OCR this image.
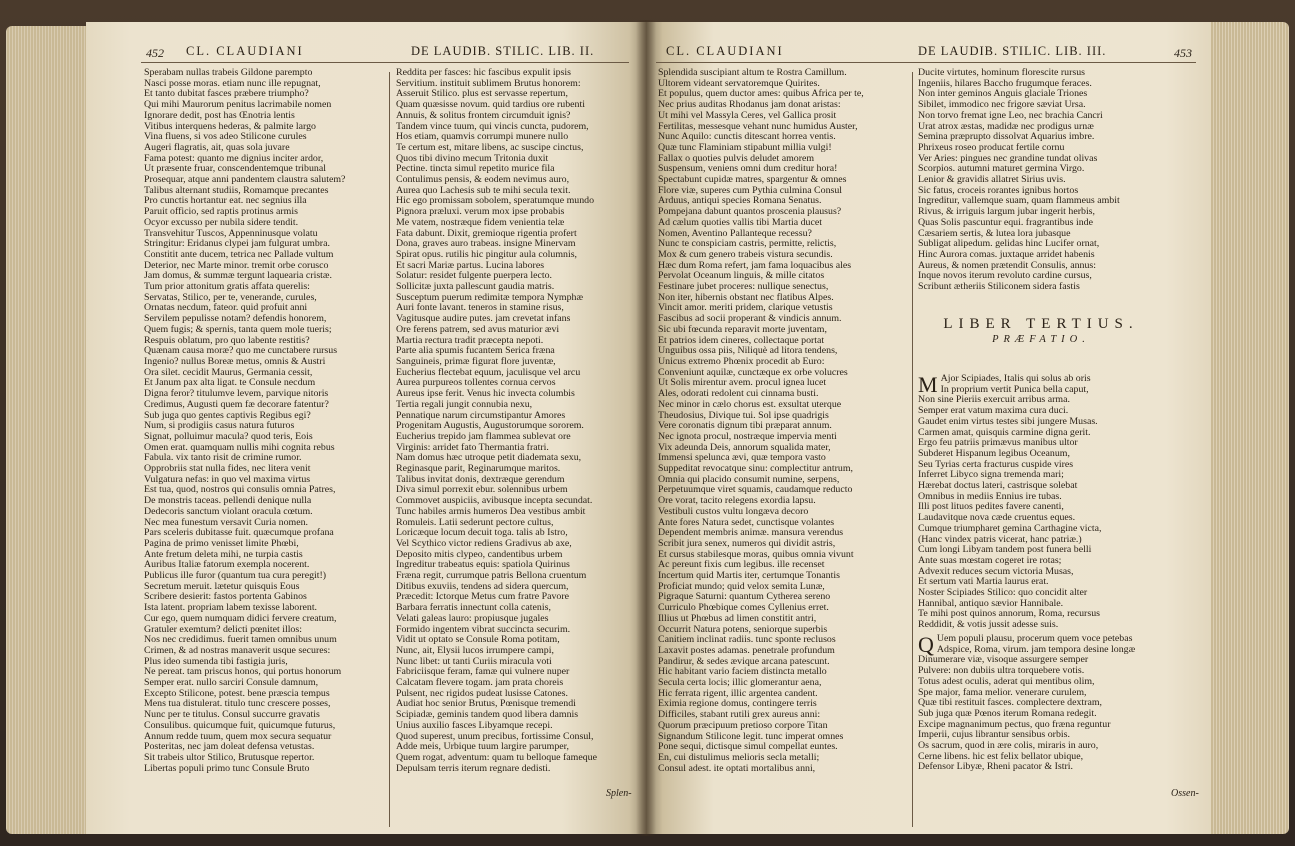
452 CL. CLAUDIANI	DE LAUDIB. STILIC. LIB. II.
Sperabam nullas trabeis Gildone parempto
Nasci posse moras. etiam nunc ille repugnat,
Et tanto dubitat fasces præbere triumpho?
Qui mihi Maurorum penitus lacrimabile nomen
Ignorare dedit, post has Œnotria lentis
Vitibus interquens hederas, & palmite largo
Vina fluens, si vos adeo Stilicone curules
Augeri flagratis, ait, quas sola juvare
Fama potest: quanto me dignius inciter ardor,
Ut præsente fruar, conscendentemque tribunal
Prosequar, atque anni pandentem claustra salutem?
Talibus alternant studiis, Romamque precantes
Pro cunctis hortantur eat. nec segnius illa
Paruit officio, sed raptis protinus armis
Ocyor excusso per nubila sidere tendit.
Transvehitur Tuscos, Appenninusque volatu
Stringitur: Eridanus clypei jam fulgurat umbra.
Constitit ante ducem, tetrica nec Pallade vultum
Deterior, nec Marte minor. tremit orbe corusco
Jam domus, & summæ tergunt laquearia cristæ.
Tum prior attonitum gratis affata querelis:
Servatas, Stilico, per te, venerande, curules,
Ornatas necdum, fateor. quid profuit anni
Servilem pepulisse notam? defendis honorem,
Quem fugis; & spernis, tanta quem mole tueris;
Respuis oblatum, pro quo labente restitis?
Quænam causa moræ? quo me cunctabere rursus
Ingenio? nullus Boreæ metus, omnis & Austri
Ora silet. cecidit Maurus, Germania cessit,
Et Janum pax alta ligat. te Consule necdum
Digna feror? titulumve levem, parvique nitoris
Credimus, Augusti quem fæ decorare fatentur?
Sub juga quo gentes captivis Regibus egi?
Num, si prodigiis casus natura futuros
Signat, polluimur macula? quod teris, Eois
Omen erat. quamquam nullis mihi cognita rebus
Fabula. vix tanto risit de crimine rumor.
Opprobriis stat nulla fides, nec litera venit
Vulgatura nefas: in quo vel maxima virtus
Est tua, quod, nostros qui consulis omnia Patres,
De monstris taceas. pellendi denique nulla
Dedecoris sanctum violant oracula cœtum.
Nec mea funestum versavit Curia nomen.
Pars sceleris dubitasse fuit. quæcumque profana
Pagina de primo venisset limite Phœbi,
Ante fretum deleta mihi, ne turpia castis
Auribus Italiæ fatorum exempla nocerent.
Publicus ille furor (quantum tua cura peregit!)
Secretum meruit. lætetur quisquis Eous
Scribere desierit: fastos portenta Gabinos
Ista latent. propriam labem texisse laborent.
Cur ego, quem numquam didici fervere creatum,
Gratuler exemtum? delicti pœnitet illos:
Nos nec credidimus. fuerit tamen omnibus unum
Crimen, & ad nostras manaverit usque secures:
Plus ideo sumenda tibi fastigia juris,
Ne pereat. tam priscus honos, qui portus honorum
Semper erat. nullo sarciri Consule damnum,
Excepto Stilicone, potest. bene præscia tempus
Mens tua distulerat. titulo tunc crescere posses,
Nunc per te titulus. Consul succurre gravatis
Consulibus. quicumque fuit, quicumque futurus,
Annum redde tuum, quem mox secura sequatur
Posteritas, nec jam doleat defensa vetustas.
Sit trabeis ultor Stilico, Brutusque repertor.
Libertas populi primo tunc Consule Bruto
Reddita per fasces: hic fascibus expulit ipsis
Servitium. instituit sublimem Brutus honorem:
Asseruit Stilico. plus est servasse repertum,
Quam quæsisse novum. quid tardius ore rubenti
Annuis, & solitus frontem circumduit ignis?
Tandem vince tuum, qui vincis cuncta, pudorem,
Hos etiam, quamvis corrumpi munere nullo
Te certum est, mitare libens, ac suscipe cinctus,
Quos tibi divino mecum Tritonia duxit
Pectine. tincta simul repetito murice fila
Contulimus pensis, & eodem nevimus auro,
Aurea quo Lachesis sub te mihi secula texit.
Hic ego promissam sobolem, speratumque mundo
Pignora præluxi. verum mox ipse probabis
Me vatem, nostræque fidem venientia telæ
Fata dabunt. Dixit, gremioque rigentia profert
Dona, graves auro trabeas. insigne Minervam
Spirat opus. rutilis hic pingitur aula columnis,
Et sacri Mariæ partus. Lucina labores
Solatur: residet fulgente puerpera lecto.
Sollicitæ juxta pallescunt gaudia matris.
Susceptum puerum redimitæ tempora Nymphæ
Auri fonte lavant. teneros in stamine risus,
Vagitusque audire putes. jam crevetat infans
Ore ferens patrem, sed avus maturior ævi
Martia rectura tradit præcepta nepoti.
Parte alia spumis fucantem Serica fræna
Sanguineis, primæ figurat flore juventæ,
Eucherius flectebat equum, jaculisque vel arcu
Aurea purpureos tollentes cornua cervos
Aureus ipse ferit. Venus hic invecta columbis
Tertia regali jungit connubia nexu,
Pennatique narum circumstipantur Amores
Progenitam Augustis, Augustorumque sororem.
Eucherius trepido jam flammea sublevat ore
Virginis: arridet fato Thermantia fratri.
Nam domus hæc utroque petit diademata sexu,
Reginasque parit, Reginarumque maritos.
Talibus invitat donis, dextræque gerendum
Diva simul porrexit ebur. solennibus urbem
Commovet auspiciis, avibusque incepta secundat.
Tunc habiles armis humeros Dea vestibus ambit
Romuleis. Latii sederunt pectore cultus,
Loricæque locum decuit toga. talis ab Istro,
Vel Scythico victor rediens Gradivus ab axe,
Deposito mitis clypeo, candentibus urbem
Ingreditur trabeatus equis: spatiola Quirinus
Fræna regit, currumque patris Bellona cruentum
Ditibus exuviis, tendens ad sidera quercum,
Præcedit: Ictorque Metus cum fratre Pavore
Barbara ferratis innectunt colla catenis,
Velati galeas lauro: propiusque jugales
Formido ingentem vibrat succincta securim.
Vidit ut optato se Consule Roma potitam,
Nunc, ait, Elysii lucos irrumpere campi,
Nunc libet: ut tanti Curiis miracula voti
Fabriciisque feram, famæ qui vulnere nuper
Calcatam flevere togam. jam prata choreis
Pulsent, nec rigidos pudeat lusisse Catones.
Audiat hoc senior Brutus, Pœnisque tremendi
Scipiadæ, geminis tandem quod libera damnis
Unius auxilio fasces Libyamque recepi.
Quod superest, unum precibus, fortissime Consul,
Adde meis, Urbique tuum largire parumper,
Quem rogat, adventum: quam tu belloque fameque
Depulsam terris iterum regnare dedisti.
Splen-
CL. CLAUDIANI	DE LAUDIB. STILIC. LIB. III.	453
Splendida suscipiant altum te Rostra Camillum.
Ultorem videant servatoremque Quirites.
Et populus, quem ductor ames: quibus Africa per te,
Nec prius auditas Rhodanus jam donat aristas:
Ut mihi vel Massyla Ceres, vel Gallica prosit
Fertilitas, messesque vehant nunc humidus Auster,
Nunc Aquilo: cunctis ditescant horrea ventis.
Quæ tunc Flaminiam stipabunt millia vulgi!
Fallax o quoties pulvis deludet amorem
Suspensum, veniens omni dum creditur hora!
Spectabunt cupidæ matres, spargentur & omnes
Flore viæ, superes cum Pythia culmina Consul
Arduus, antiqui species Romana Senatus.
Pompejana dabunt quantos proscenia plausus?
Ad cælum quoties vallis tibi Martia ducet
Nomen, Aventino Pallanteque recessu?
Nunc te conspiciam castris, permitte, relictis,
Mox & cum genero trabeis vistura secundis.
Hæc dum Roma refert, jam fama loquacibus ales
Pervolat Oceanum linguis, & mille citatos
Festinare jubet proceres: nullique senectus,
Non iter, hibernis obstant nec flatibus Alpes.
Vincit amor. meriti pridem, clarique vetustis
Fascibus ad socii properant & vindicis annum.
Sic ubi fœcunda reparavit morte juventam,
Et patrios idem cineres, collectaque portat
Unguibus ossa piis, Niliquè ad litora tendens,
Unicus extremo Phœnix procedit ab Euro:
Conveniunt aquilæ, cunctæque ex orbe volucres
Ut Solis mirentur avem. procul ignea lucet
Ales, odorati redolent cui cinnama busti.
Nec minor in cælo chorus est. exsultat uterque
Theudosius, Divique tui. Sol ipse quadrigis
Vere coronatis dignum tibi præparat annum.
Nec ignota procul, nostræque impervia menti
Vix adeunda Deis, annorum squalida mater,
Immensi spelunca ævi, quæ tempora vasto
Suppeditat revocatque sinu: complectitur antrum,
Omnia qui placido consumit numine, serpens,
Perpetuumque viret squamis, caudamque reducto
Ore vorat, tacito relegens exordia lapsu.
Vestibuli custos vultu longæva decoro
Ante fores Natura sedet, cunctisque volantes
Dependent membris animæ. mansura verendus
Scribit jura senex, numeros qui dividit astris,
Et cursus stabilesque moras, quibus omnia vivunt
Ac pereunt fixis cum legibus. ille recenset
Incertum quid Martis iter, certumque Tonantis
Proficiat mundo; quid velox semita Lunæ,
Pigraque Saturni: quantum Cytherea sereno
Curriculo Phœbique comes Cyllenius erret.
Illius ut Phœbus ad limen constitit antri,
Occurrit Natura potens, seniorque superbis
Canitiem inclinat radiis. tunc sponte reclusos
Laxavit postes adamas. penetrale profundum
Pandirur, & sedes ævique arcana patescunt.
Hic habitant vario faciem distincta metallo
Secula certa locis; illic glomerantur aena,
Hic ferrata rigent, illic argentea candent.
Eximia regione domus, contingere terris
Difficiles, stabant rutili grex aureus anni:
Quorum præcipuum pretioso corpore Titan
Signandum Stilicone legit. tunc imperat omnes
Pone sequi, dictisque simul compellat euntes.
En, cui distulimus melioris secla metalli;
Consul adest. ite optati mortalibus anni,
Ducite virtutes, hominum florescite rursus
Ingeniis, hilares Baccho frugumque feraces.
Non inter geminos Anguis glaciale Triones
Sibilet, immodico nec frigore sæviat Ursa.
Non torvo fremat igne Leo, nec brachia Cancri
Urat atrox æstas, madidæ nec prodigus urnæ
Semina præprupto dissolvat Aquarius imbre.
Phrixeus rosео producat fertile cornu
Ver Aries: pingues nec grandine tundat olivas
Scorpios. autumni maturet germina Virgo.
Lenior & gravidis allatret Sirius uvis.
Sic fatus, croceis rorantes ignibus hortos
Ingreditur, vallemque suam, quam flammeus ambit
Rivus, & irriguis largum jubar ingerit herbis,
Quas Solis pascuntur equi. fragrantibus inde
Cæsariem sertis, & lutea lora jubasque
Subligat alipedum. gelidas hinc Lucifer ornat,
Hinc Aurora comas. juxtaque arridet habenis
Aureus, & nomen prætendit Consulis, annus:
Inque novos iterum revoluto cardine cursus,
Scribunt ætheriis Stiliconem sidera fastis
M Ajor Scipiades, Italis qui solus ab oris
In proprium vertit Punica bella caput,
Non sine Pieriis exercuit arribus arma.
Semper erat vatum maxima cura duci.
Gaudet enim virtus testes sibi jungere Musas.
Carmen amat, quisquis carmine digna gerit.
Ergo feu patriis primævus manibus ultor
Subderet Hispanum legibus Oceanum,
Seu Tyrias certa fracturus cuspide vires
Inferret Libyco signa tremenda mari;
Hærebat doctus lateri, castrisque solebat
Omnibus in mediis Ennius ire tubas.
Illi post lituos pedites favere canenti,
Laudavitque nova cæde cruentus eques.
Cumque triumpharet gemina Carthagine victa,
(Hanc vindex patris vicerat, hanc patriæ.)
Cum longi Libyam tandem post funera belli
Ante suas mœstam cogeret ire rotas;
Advexit reduces secum victoria Musas,
Et sertum vati Martia laurus erat.
Noster Scipiades Stilico: quo concidit alter
Hannibal, antiquo sævior Hannibale.
Te mihi post quinos annorum, Roma, recursus
Reddidit, & votis jussit adesse suis.
Q Uem populi plausu, procerum quem voce petebas
Adspice, Roma, virum. jam tempora desine longæ
Dinumerare viæ, visoque assurgere semper
Pulvere: non dubiis ultra torquebere votis.
Totus adest oculis, aderat qui mentibus olim,
Spe major, fama melior. venerare curulem,
Quæ tibi restituit fasces. complectere dextram,
Sub juga quæ Pœnos iterum Romana redegit.
Excipe magnanimum pectus, quo fræna reguntur
Imperii, cujus librantur sensibus orbis.
Os sacrum, quod in ære colis, miraris in auro,
Cerne libens. hic est felix bellator ubique,
Defensor Libyæ, Rheni pacator & Istri.
Ossen-
LIBER TERTIUS.
PRÆFATIO.
